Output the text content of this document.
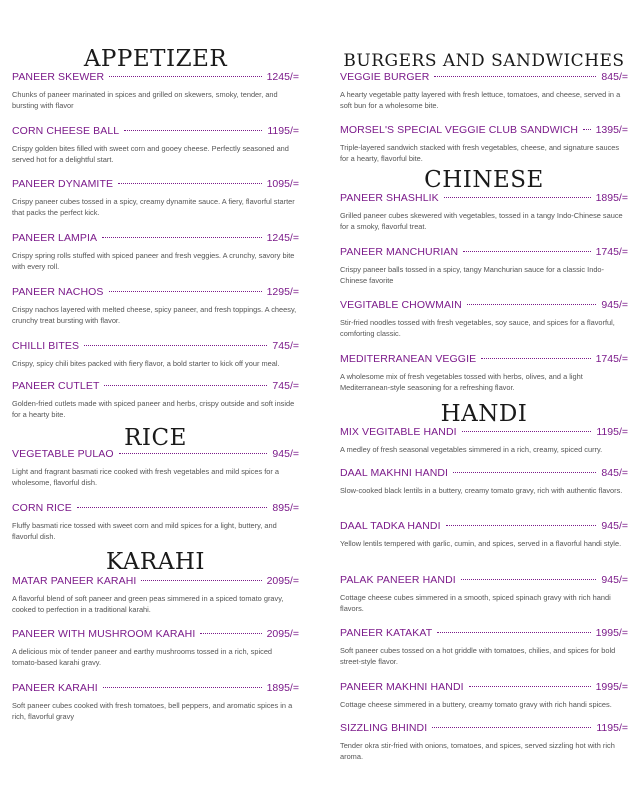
APPETIZER
PANEER SKEWER	1245/=
Chunks of paneer marinated in spices and grilled on skewers, smoky, tender, and bursting with flavor
CORN CHEESE BALL	1195/=
Crispy golden bites filled with sweet corn and gooey cheese. Perfectly seasoned and served hot for a delightful start.
PANEER DYNAMITE	1095/=
Crispy paneer cubes tossed in a spicy, creamy dynamite sauce. A fiery, flavorful starter that packs the perfect kick.
PANEER LAMPIA	1245/=
Crispy spring rolls stuffed with spiced paneer and fresh veggies. A crunchy, savory bite with every roll.
PANEER NACHOS	1295/=
Crispy nachos layered with melted cheese, spicy paneer, and fresh toppings. A cheesy, crunchy treat bursting with flavor.
CHILLI BITES	745/=
Crispy, spicy chili bites packed with fiery flavor, a bold starter to kick off your meal.
PANEER CUTLET	745/=
Golden-fried cutlets made with spiced paneer and herbs, crispy outside and soft inside for a hearty bite.
RICE
VEGETABLE PULAO	945/=
Light and fragrant basmati rice cooked with fresh vegetables and mild spices for a wholesome, flavorful dish.
CORN RICE	895/=
Fluffy basmati rice tossed with sweet corn and mild spices for a light, buttery, and flavorful dish.
KARAHI
MATAR PANEER KARAHI	2095/=
A flavorful blend of soft paneer and green peas simmered in a spiced tomato gravy, cooked to perfection in a traditional karahi.
PANEER WITH MUSHROOM KARAHI	2095/=
A delicious mix of tender paneer and earthy mushrooms tossed in a rich, spiced tomato-based karahi gravy.
PANEER KARAHI	1895/=
Soft paneer cubes cooked with fresh tomatoes, bell peppers, and aromatic spices in a rich, flavorful gravy
BURGERS AND SANDWICHES
VEGGIE BURGER	845/=
A hearty vegetable patty layered with fresh lettuce, tomatoes, and cheese, served in a soft bun for a wholesome bite.
MORSEL'S SPECIAL VEGGIE CLUB SANDWICH 1395/=
Triple-layered sandwich stacked with fresh vegetables, cheese, and signature sauces for a hearty, flavorful bite.
CHINESE
PANEER SHASHLIK	1895/=
Grilled paneer cubes skewered with vegetables, tossed in a tangy Indo-Chinese sauce for a smoky, flavorful treat.
PANEER MANCHURIAN	1745/=
Crispy paneer balls tossed in a spicy, tangy Manchurian sauce for a classic Indo-Chinese favorite
VEGITABLE CHOWMAIN	945/=
Stir-fried noodles tossed with fresh vegetables, soy sauce, and spices for a flavorful, comforting classic.
MEDITERRANEAN VEGGIE	1745/=
A wholesome mix of fresh vegetables tossed with herbs, olives, and a light Mediterranean-style seasoning for a refreshing flavor.
HANDI
MIX VEGITABLE HANDI	1195/=
A medley of fresh seasonal vegetables simmered in a rich, creamy, spiced curry.
DAAL MAKHNI HANDI	845/=
Slow-cooked black lentils in a buttery, creamy tomato gravy, rich with authentic flavors.
DAAL TADKA HANDI	945/=
Yellow lentils tempered with garlic, cumin, and spices, served in a flavorful handi style.
PALAK PANEER HANDI	945/=
Cottage cheese cubes simmered in a smooth, spiced spinach gravy with rich handi flavors.
PANEER KATAKAT	1995/=
Soft paneer cubes tossed on a hot griddle with tomatoes, chilies, and spices for bold street-style flavor.
PANEER MAKHNI HANDI	1995/=
Cottage cheese simmered in a buttery, creamy tomato gravy with rich handi spices.
SIZZLING BHINDI	1195/=
Tender okra stir-fried with onions, tomatoes, and spices, served sizzling hot with rich aroma.
